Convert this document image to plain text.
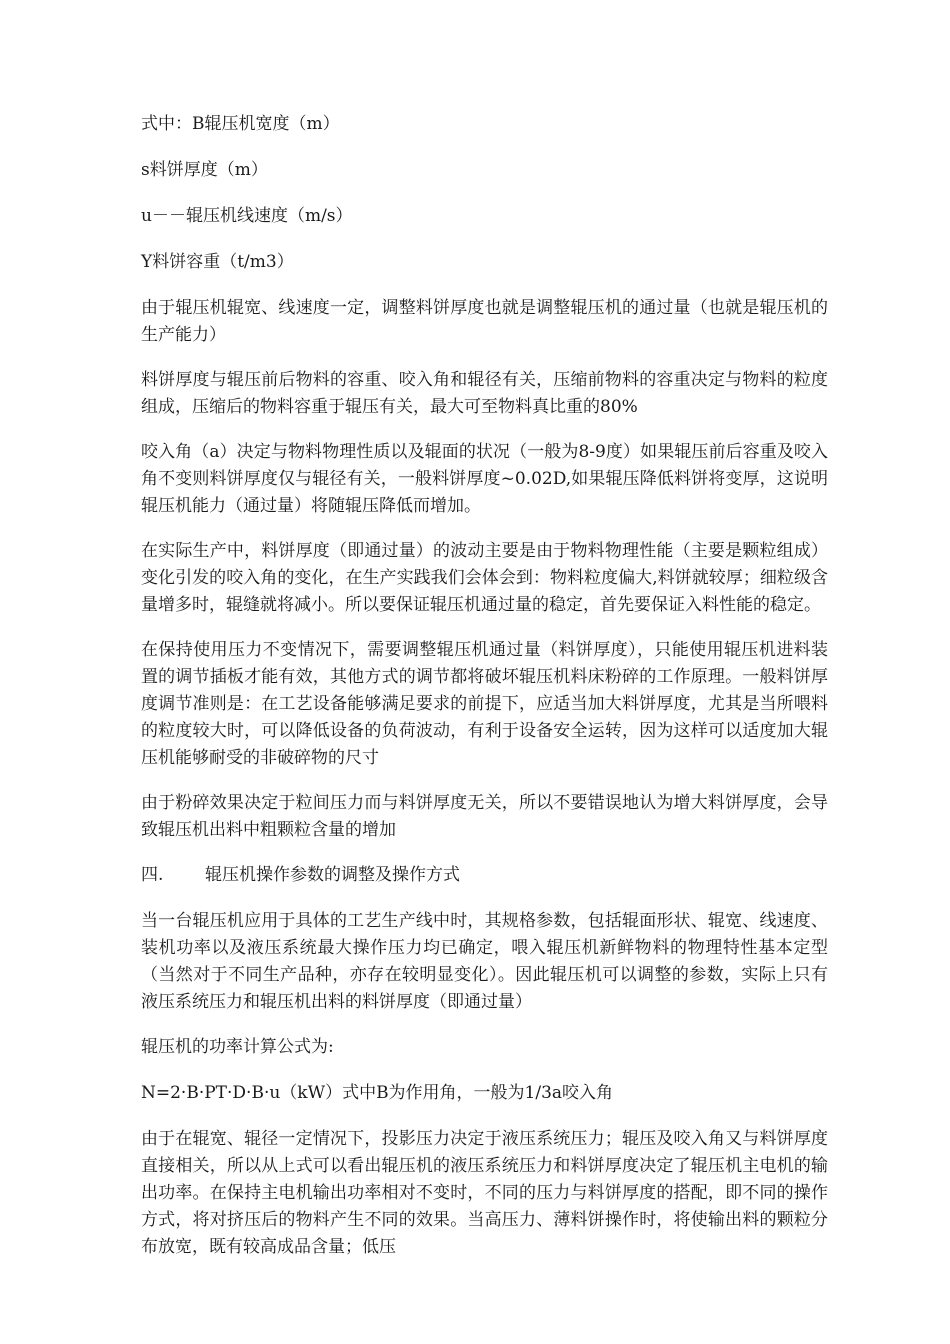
式中：B辊压机宽度（m）

s料饼厚度（m）

u－－辊压机线速度（m/s）

Y料饼容重（t/m3）

由于辊压机辊宽、线速度一定，调整料饼厚度也就是调整辊压机的通过量（也就是辊压机的生产能力）

料饼厚度与辊压前后物料的容重、咬入角和辊径有关，压缩前物料的容重决定与物料的粒度组成，压缩后的物料容重于辊压有关，最大可至物料真比重的80%

咬入角（a）决定与物料物理性质以及辊面的状况（一般为8-9度）如果辊压前后容重及咬入角不变则料饼厚度仅与辊径有关，一般料饼厚度~0.02D,如果辊压降低料饼将变厚，这说明辊压机能力（通过量）将随辊压降低而增加。

在实际生产中，料饼厚度（即通过量）的波动主要是由于物料物理性能（主要是颗粒组成）变化引发的咬入角的变化，在生产实践我们会体会到：物料粒度偏大,料饼就较厚；细粒级含量增多时，辊缝就将减小。所以要保证辊压机通过量的稳定，首先要保证入料性能的稳定。

在保持使用压力不变情况下，需要调整辊压机通过量（料饼厚度），只能使用辊压机进料装置的调节插板才能有效，其他方式的调节都将破坏辊压机料床粉碎的工作原理。一般料饼厚度调节准则是：在工艺设备能够满足要求的前提下，应适当加大料饼厚度，尤其是当所喂料的粒度较大时，可以降低设备的负荷波动，有利于设备安全运转，因为这样可以适度加大辊压机能够耐受的非破碎物的尺寸

由于粉碎效果决定于粒间压力而与料饼厚度无关，所以不要错误地认为增大料饼厚度，会导致辊压机出料中粗颗粒含量的增加

四. 辊压机操作参数的调整及操作方式

当一台辊压机应用于具体的工艺生产线中时，其规格参数，包括辊面形状、辊宽、线速度、装机功率以及液压系统最大操作压力均已确定，喂入辊压机新鲜物料的物理特性基本定型（当然对于不同生产品种，亦存在较明显变化）。因此辊压机可以调整的参数，实际上只有液压系统压力和辊压机出料的料饼厚度（即通过量）

辊压机的功率计算公式为:

N=2·B·PT·D·B·u（kW）式中B为作用角，一般为1/3a咬入角

由于在辊宽、辊径一定情况下，投影压力决定于液压系统压力；辊压及咬入角又与料饼厚度直接相关，所以从上式可以看出辊压机的液压系统压力和料饼厚度决定了辊压机主电机的输出功率。在保持主电机输出功率相对不变时，不同的压力与料饼厚度的搭配，即不同的操作方式，将对挤压后的物料产生不同的效果。当高压力、薄料饼操作时，将使输出料的颗粒分布放宽，既有较高成品含量；低压
